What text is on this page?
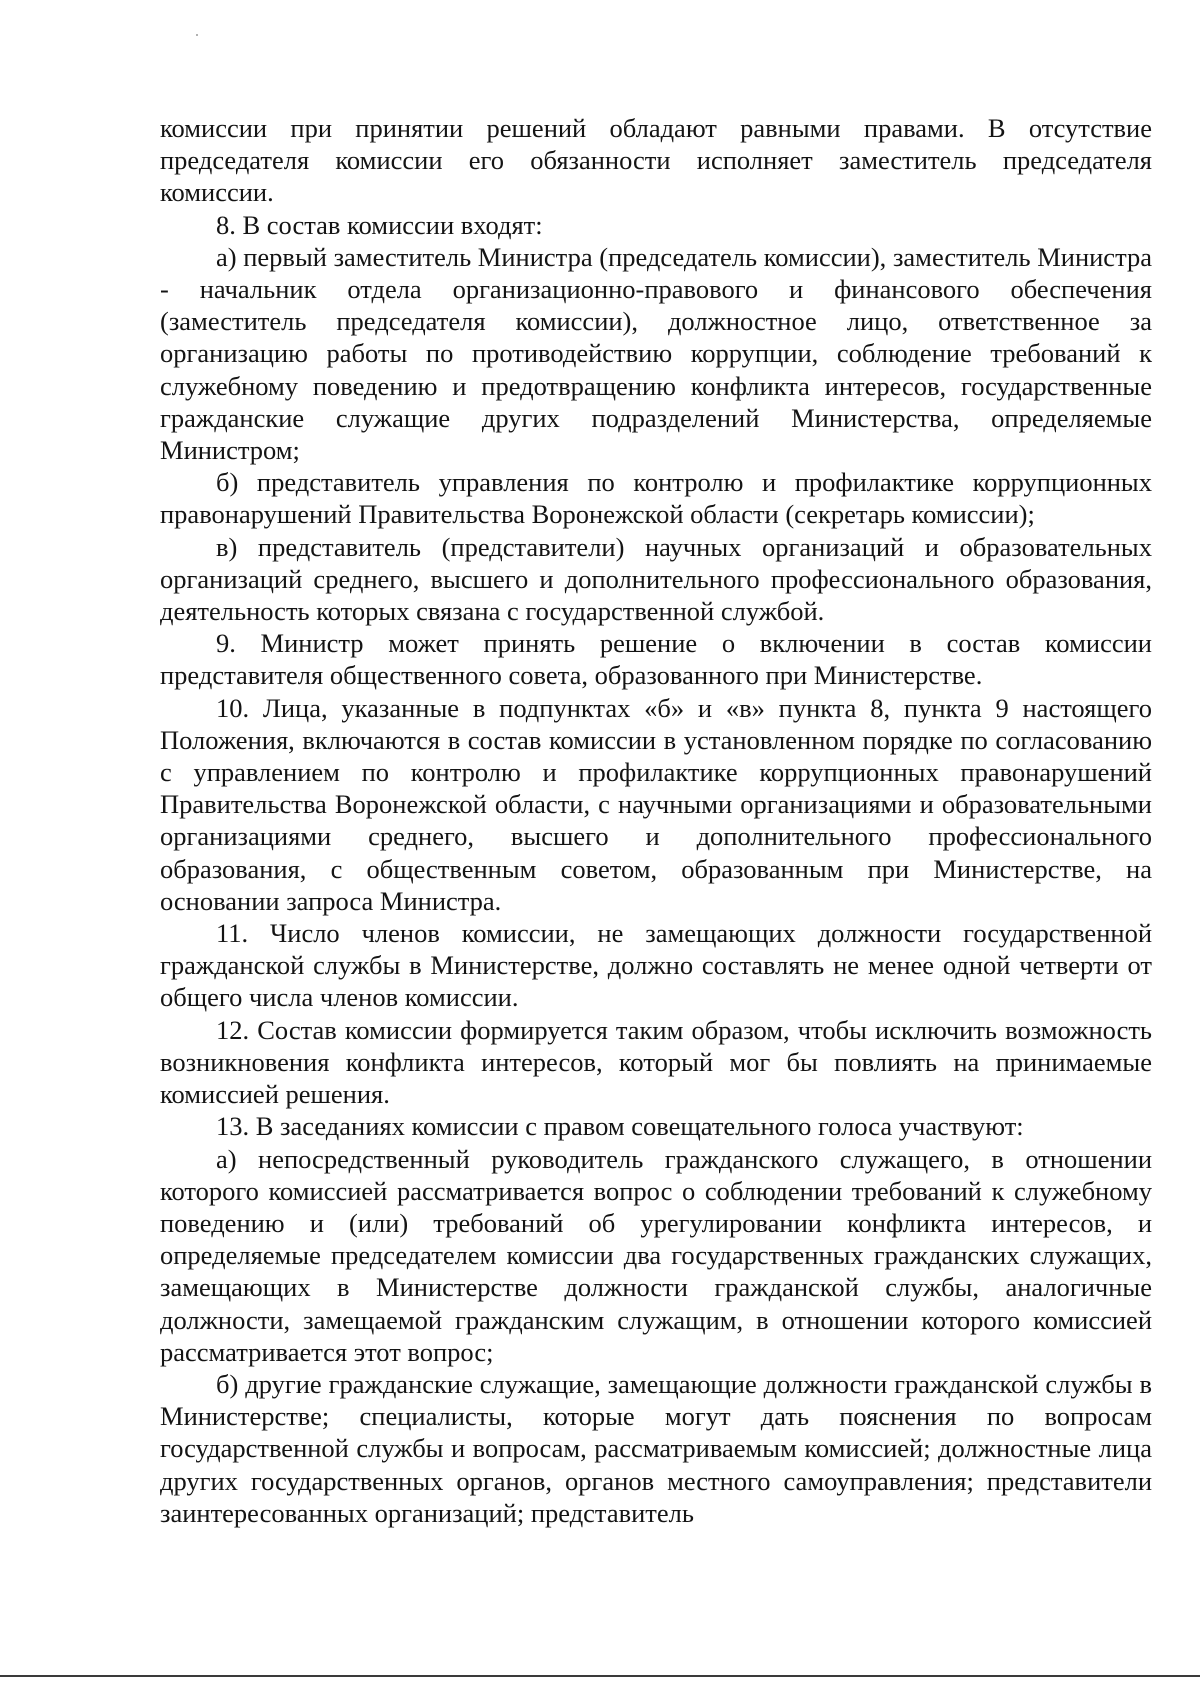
комиссии при принятии решений обладают равными правами. В отсутствие председателя комиссии его обязанности исполняет заместитель председателя комиссии.

8. В состав комиссии входят:

а) первый заместитель Министра (председатель комиссии), заместитель Министра - начальник отдела организационно-правового и финансового обеспечения (заместитель председателя комиссии), должностное лицо, ответственное за организацию работы по противодействию коррупции, соблюдение требований к служебному поведению и предотвращению конфликта интересов, государственные гражданские служащие других подразделений Министерства, определяемые Министром;

б) представитель управления по контролю и профилактике коррупционных правонарушений Правительства Воронежской области (секретарь комиссии);

в) представитель (представители) научных организаций и образовательных организаций среднего, высшего и дополнительного профессионального образования, деятельность которых связана с государственной службой.

9. Министр может принять решение о включении в состав комиссии представителя общественного совета, образованного при Министерстве.

10. Лица, указанные в подпунктах «б» и «в» пункта 8, пункта 9 настоящего Положения, включаются в состав комиссии в установленном порядке по согласованию с управлением по контролю и профилактике коррупционных правонарушений Правительства Воронежской области, с научными организациями и образовательными организациями среднего, высшего и дополнительного профессионального образования, с общественным советом, образованным при Министерстве, на основании запроса Министра.

11. Число членов комиссии, не замещающих должности государственной гражданской службы в Министерстве, должно составлять не менее одной четверти от общего числа членов комиссии.

12. Состав комиссии формируется таким образом, чтобы исключить возможность возникновения конфликта интересов, который мог бы повлиять на принимаемые комиссией решения.

13. В заседаниях комиссии с правом совещательного голоса участвуют:

а) непосредственный руководитель гражданского служащего, в отношении которого комиссией рассматривается вопрос о соблюдении требований к служебному поведению и (или) требований об урегулировании конфликта интересов, и определяемые председателем комиссии два государственных гражданских служащих, замещающих в Министерстве должности гражданской службы, аналогичные должности, замещаемой гражданским служащим, в отношении которого комиссией рассматривается этот вопрос;

б) другие гражданские служащие, замещающие должности гражданской службы в Министерстве; специалисты, которые могут дать пояснения по вопросам государственной службы и вопросам, рассматриваемым комиссией; должностные лица других государственных органов, органов местного самоуправления; представители заинтересованных организаций; представитель
